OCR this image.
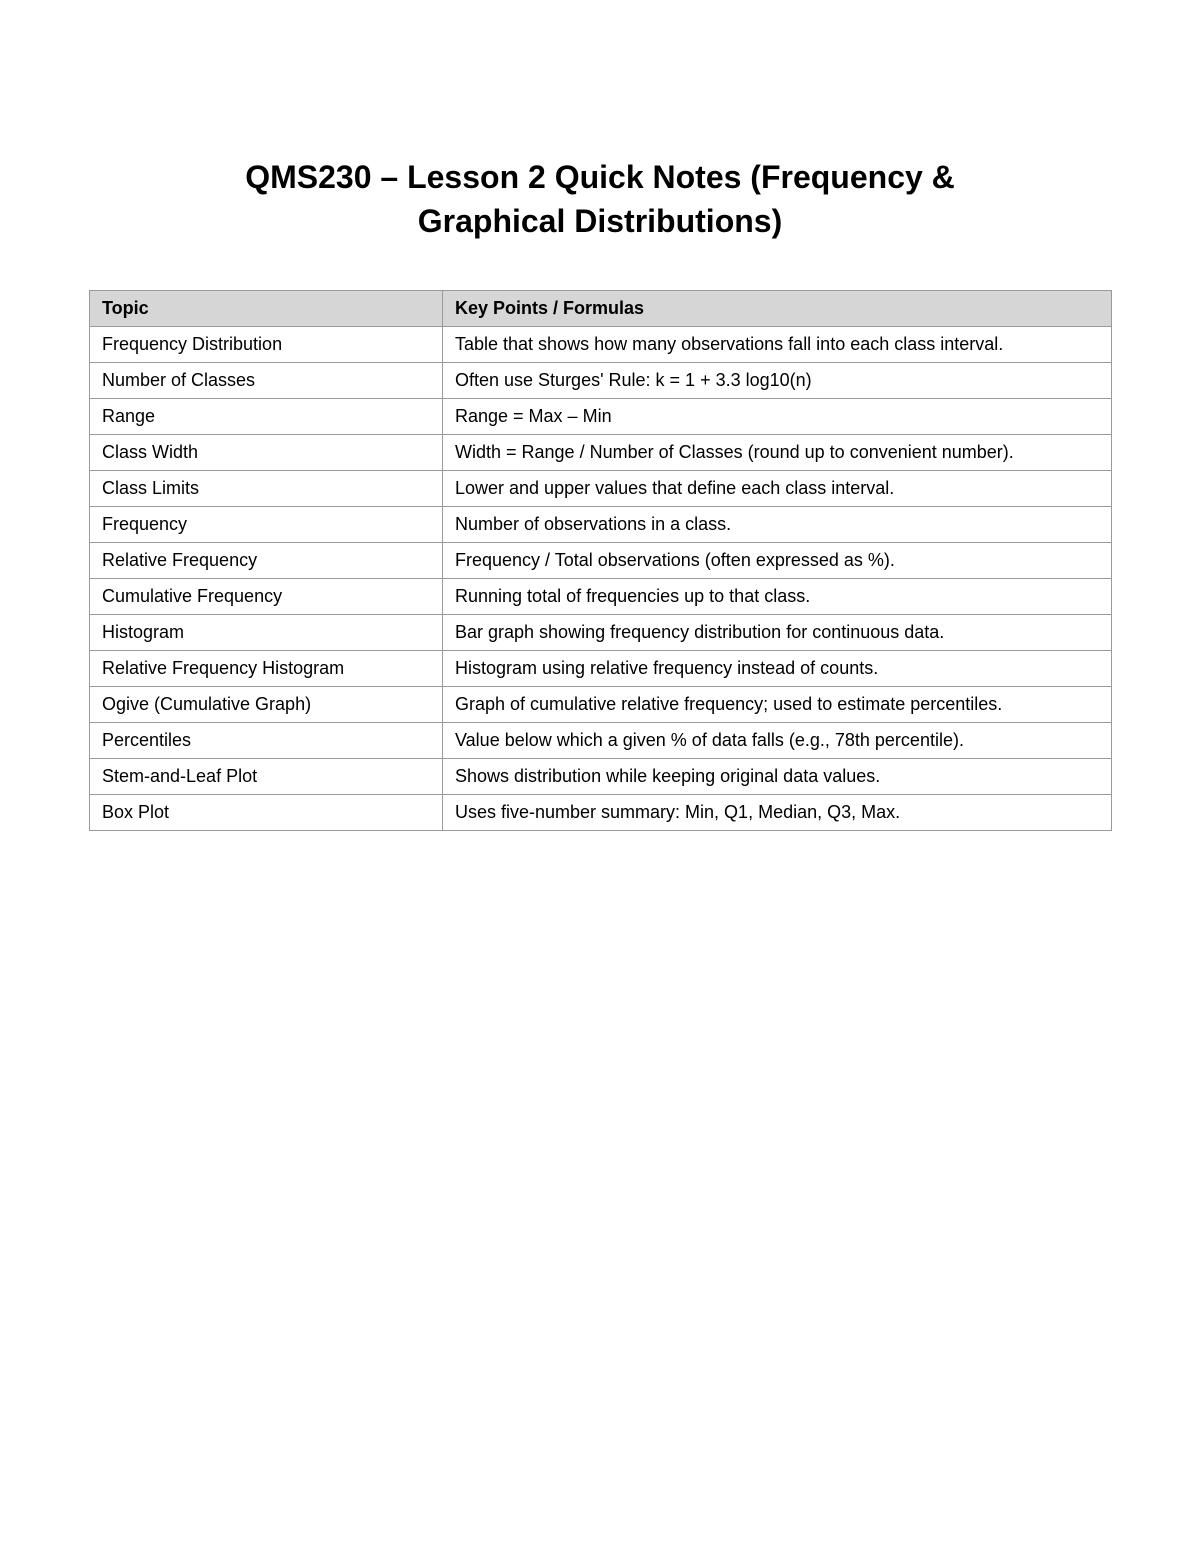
QMS230 – Lesson 2 Quick Notes (Frequency &
Graphical Distributions)
Topic	Key Points / Formulas
Frequency Distribution	Table that shows how many observations fall into each class interval.
Number of Classes	Often use Sturges' Rule: k = 1 + 3.3 log10(n)
Range	Range = Max – Min
Class Width	Width = Range / Number of Classes (round up to convenient number).
Class Limits	Lower and upper values that define each class interval.
Frequency	Number of observations in a class.
Relative Frequency	Frequency / Total observations (often expressed as %).
Cumulative Frequency	Running total of frequencies up to that class.
Histogram	Bar graph showing frequency distribution for continuous data.
Relative Frequency Histogram	Histogram using relative frequency instead of counts.
Ogive (Cumulative Graph)	Graph of cumulative relative frequency; used to estimate percentiles.
Percentiles	Value below which a given % of data falls (e.g., 78th percentile).
Stem-and-Leaf Plot	Shows distribution while keeping original data values.
Box Plot	Uses five-number summary: Min, Q1, Median, Q3, Max.
